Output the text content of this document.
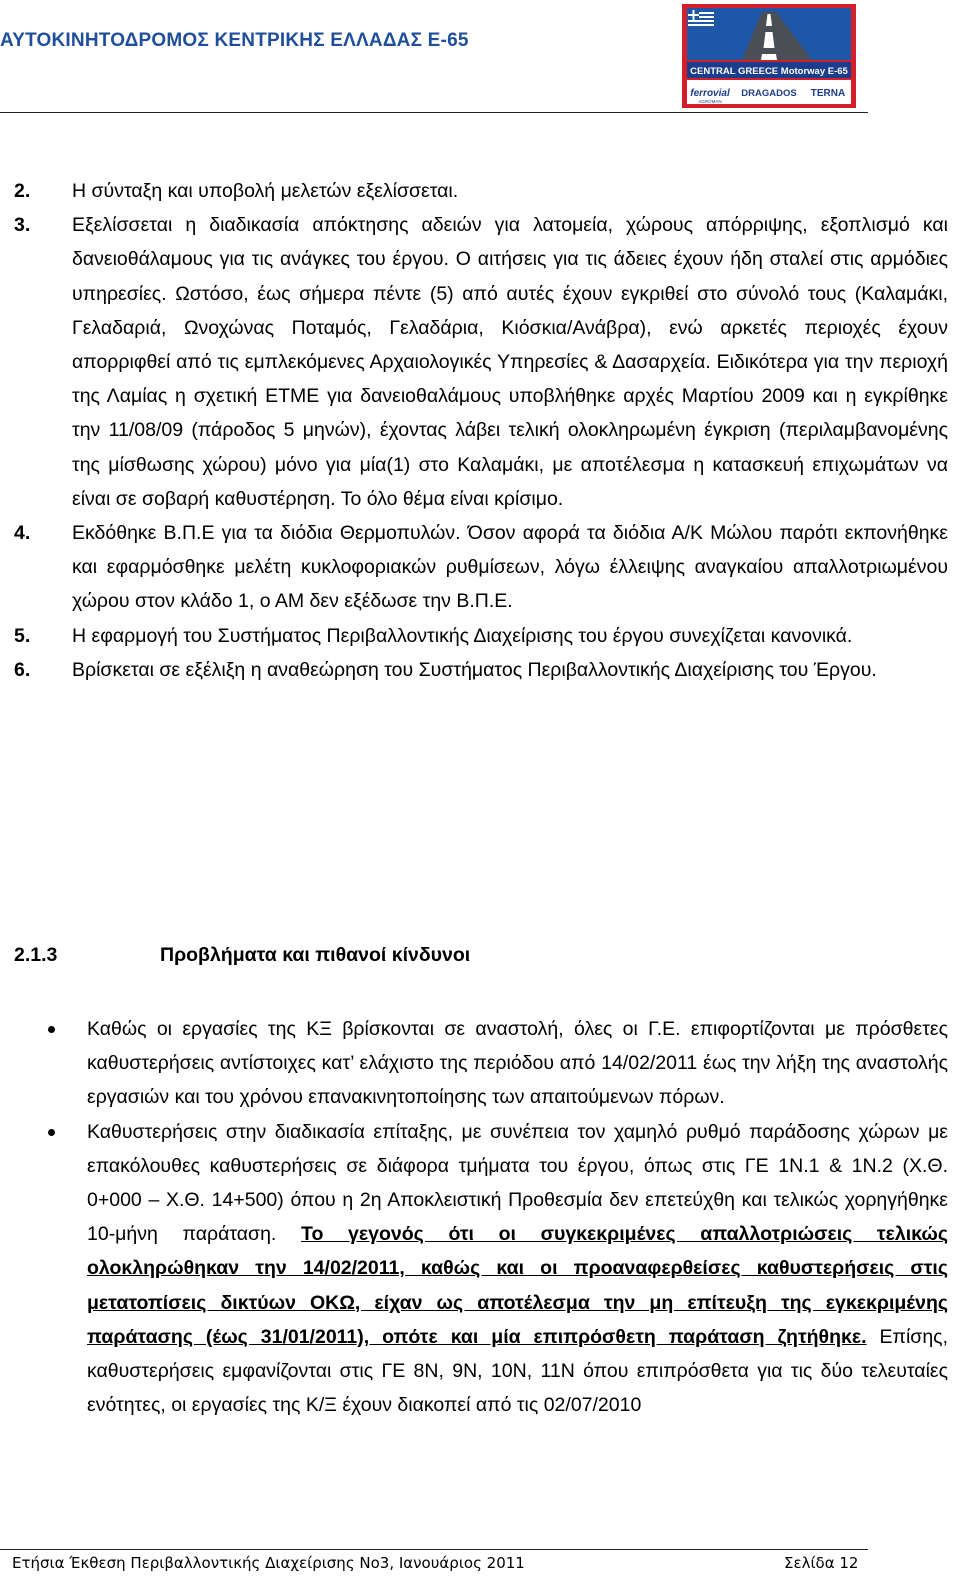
ΑΥΤΟΚΙΝΗΤΟΔΡΟΜΟΣ ΚΕΝΤΡΙΚΗΣ ΕΛΛΑΔΑΣ Ε-65
CENTRAL GREECE Motorway E-65
ferrovial
AGROMAN
DRAGADOS TERNA
2. Η σύνταξη και υποβολή μελετών εξελίσσεται.
3. Εξελίσσεται η διαδικασία απόκτησης αδειών για λατομεία, χώρους απόρριψης, εξοπλισμό και δανειοθάλαμους για τις ανάγκες του έργου. Ο αιτήσεις για τις άδειες έχουν ήδη σταλεί στις αρμόδιες υπηρεσίες. Ωστόσο, έως σήμερα πέντε (5) από αυτές έχουν εγκριθεί στο σύνολό τους (Καλαμάκι, Γελαδαριά, Ωνοχώνας Ποταμός, Γελαδάρια, Κιόσκια/Ανάβρα), ενώ αρκετές περιοχές έχουν απορριφθεί από τις εμπλεκόμενες Αρχαιολογικές Υπηρεσίες & Δασαρχεία. Ειδικότερα για την περιοχή της Λαμίας η σχετική ΕΤΜΕ για δανειοθαλάμους υποβλήθηκε αρχές Μαρτίου 2009 και η εγκρίθηκε την 11/08/09 (πάροδος 5 μηνών), έχοντας λάβει τελική ολοκληρωμένη έγκριση (περιλαμβανομένης της μίσθωσης χώρου) μόνο για μία(1) στο Καλαμάκι, με αποτέλεσμα η κατασκευή επιχωμάτων να είναι σε σοβαρή καθυστέρηση. Το όλο θέμα είναι κρίσιμο.
4. Εκδόθηκε Β.Π.Ε για τα διόδια Θερμοπυλών. Όσον αφορά τα διόδια Α/Κ Μώλου παρότι εκπονήθηκε και εφαρμόσθηκε μελέτη κυκλοφοριακών ρυθμίσεων, λόγω έλλειψης αναγκαίου απαλλοτριωμένου χώρου στον κλάδο 1, ο ΑΜ δεν εξέδωσε την Β.Π.Ε.
5. Η εφαρμογή του Συστήματος Περιβαλλοντικής Διαχείρισης του έργου συνεχίζεται κανονικά.
6. Βρίσκεται σε εξέλιξη η αναθεώρηση του Συστήματος Περιβαλλοντικής Διαχείρισης του Έργου.
2.1.3	Προβλήματα και πιθανοί κίνδυνοι
Καθώς οι εργασίες της ΚΞ βρίσκονται σε αναστολή, όλες οι Γ.Ε. επιφορτίζονται με πρόσθετες καθυστερήσεις αντίστοιχες κατ’ ελάχιστο της περιόδου από 14/02/2011 έως την λήξη της αναστολής εργασιών και του χρόνου επανακινητοποίησης των απαιτούμενων πόρων.
Καθυστερήσεις στην διαδικασία επίταξης, με συνέπεια τον χαμηλό ρυθμό παράδοσης χώρων με επακόλουθες καθυστερήσεις σε διάφορα τμήματα του έργου, όπως στις ΓΕ 1Ν.1 & 1Ν.2 (Χ.Θ. 0+000 – Χ.Θ. 14+500) όπου η 2η Αποκλειστική Προθεσμία δεν επετεύχθη και τελικώς χορηγήθηκε 10-μήνη παράταση. Το γεγονός ότι οι συγκεκριμένες απαλλοτριώσεις τελικώς ολοκληρώθηκαν την 14/02/2011, καθώς και οι προαναφερθείσες καθυστερήσεις στις μετατοπίσεις δικτύων ΟΚΩ, είχαν ως αποτέλεσμα την μη επίτευξη της εγκεκριμένης παράτασης (έως 31/01/2011), οπότε και μία επιπρόσθετη παράταση ζητήθηκε. Επίσης, καθυστερήσεις εμφανίζονται στις ΓΕ 8Ν, 9Ν, 10Ν, 11Ν όπου επιπρόσθετα για τις δύο τελευταίες ενότητες, οι εργασίες της Κ/Ξ έχουν διακοπεί από τις 02/07/2010
Ετήσια Έκθεση Περιβαλλοντικής Διαχείρισης Νο3, Ιανουάριος 2011	Σελίδα 12
